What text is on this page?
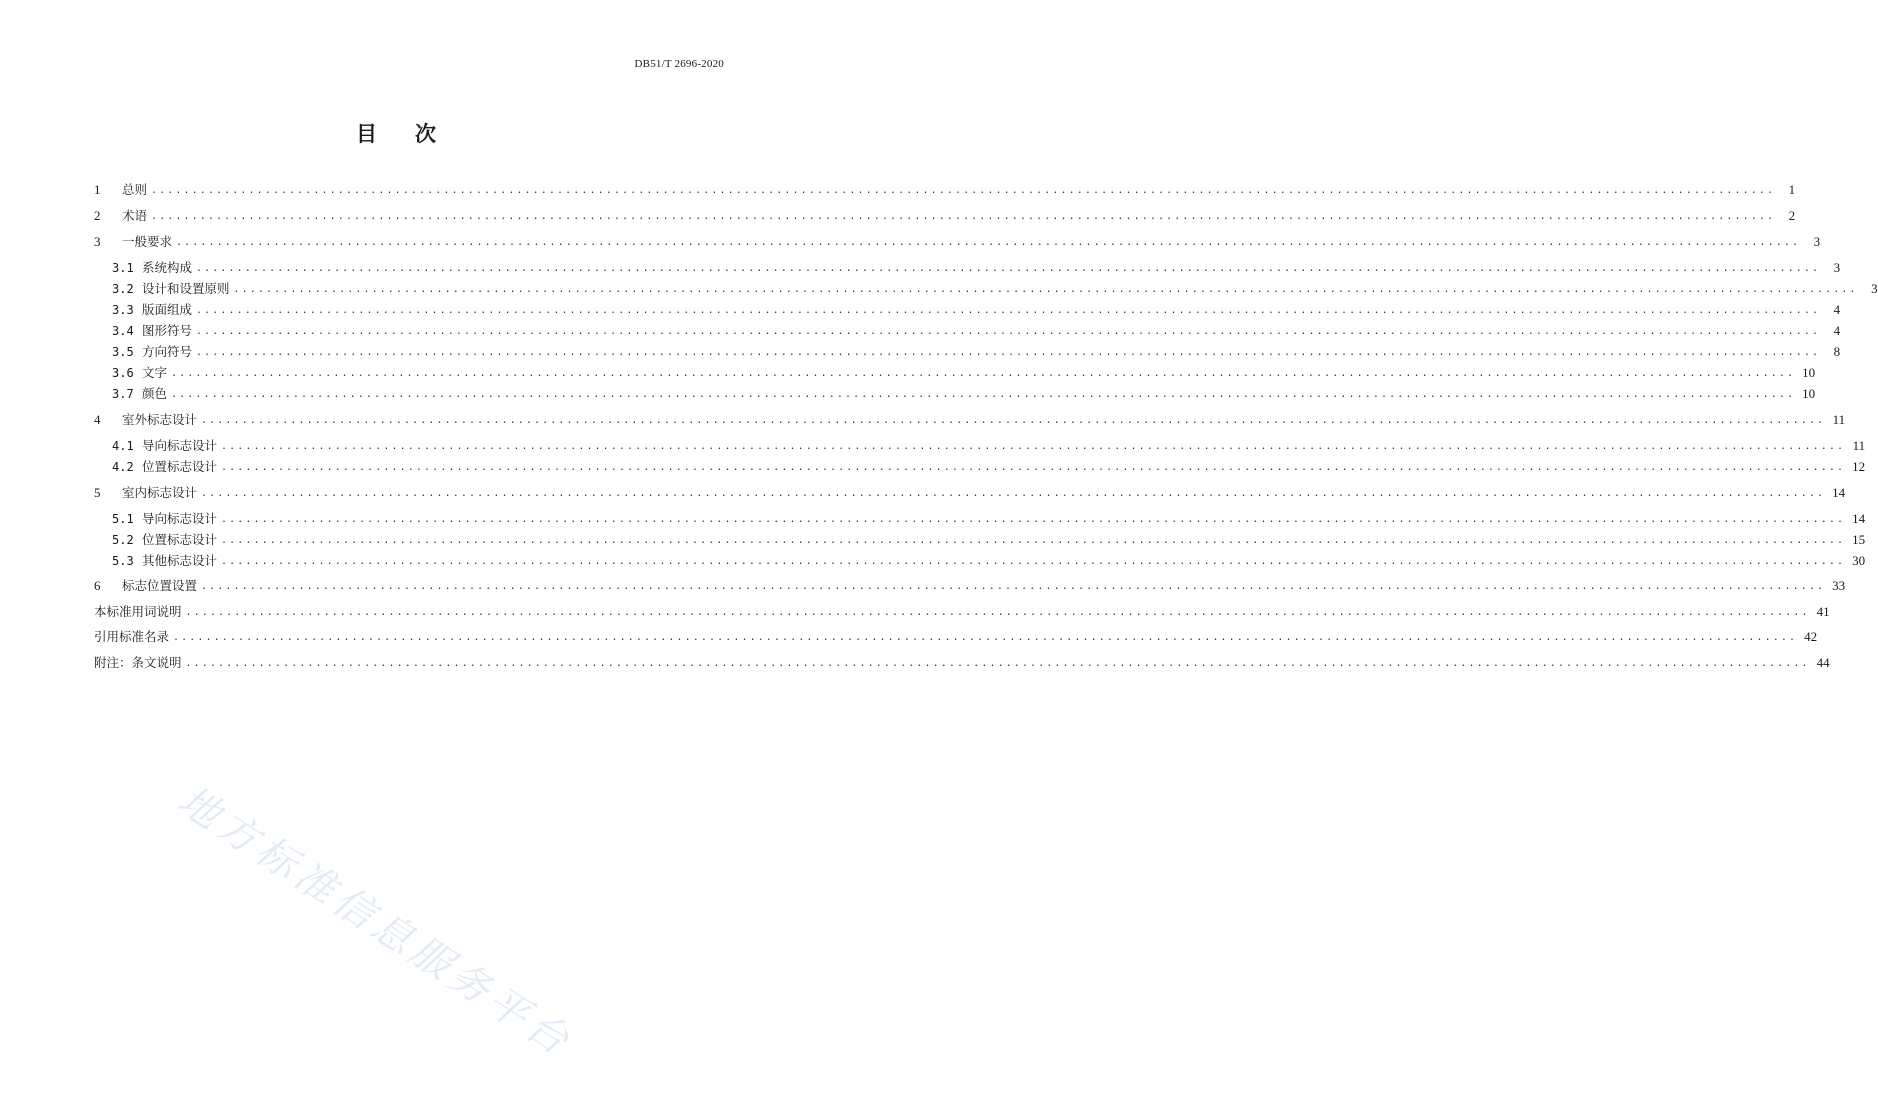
DB51/T 2696-2020
目 次
1	总则 ........................................................................................................................................................................................................	1
2	术语 ........................................................................................................................................................................................................	2
3	一般要求 ........................................................................................................................................................................................................	3
3.1 系统构成 ........................................................................................................................................................................................................	3
3.2 设计和设置原则 ........................................................................................................................................................................................................	3
3.3 版面组成 ........................................................................................................................................................................................................	4
3.4 图形符号 ........................................................................................................................................................................................................	4
3.5 方向符号 ........................................................................................................................................................................................................	8
3.6 文字 ........................................................................................................................................................................................................ 10
3.7 颜色 ........................................................................................................................................................................................................ 10
4	室外标志设计 ........................................................................................................................................................................................................ 11
4.1 导向标志设计 ........................................................................................................................................................................................................ 11
4.2 位置标志设计 ........................................................................................................................................................................................................ 12
5	室内标志设计 ........................................................................................................................................................................................................ 14
5.1 导向标志设计 ........................................................................................................................................................................................................ 14
5.2 位置标志设计 ........................................................................................................................................................................................................ 15
5.3 其他标志设计 ........................................................................................................................................................................................................ 30
6	标志位置设置 ........................................................................................................................................................................................................ 33
本标准用词说明 ........................................................................................................................................................................................................ 41
引用标准名录 ........................................................................................................................................................................................................ 42
附注：条文说明 ........................................................................................................................................................................................................ 44
地方标准信息服务平台
